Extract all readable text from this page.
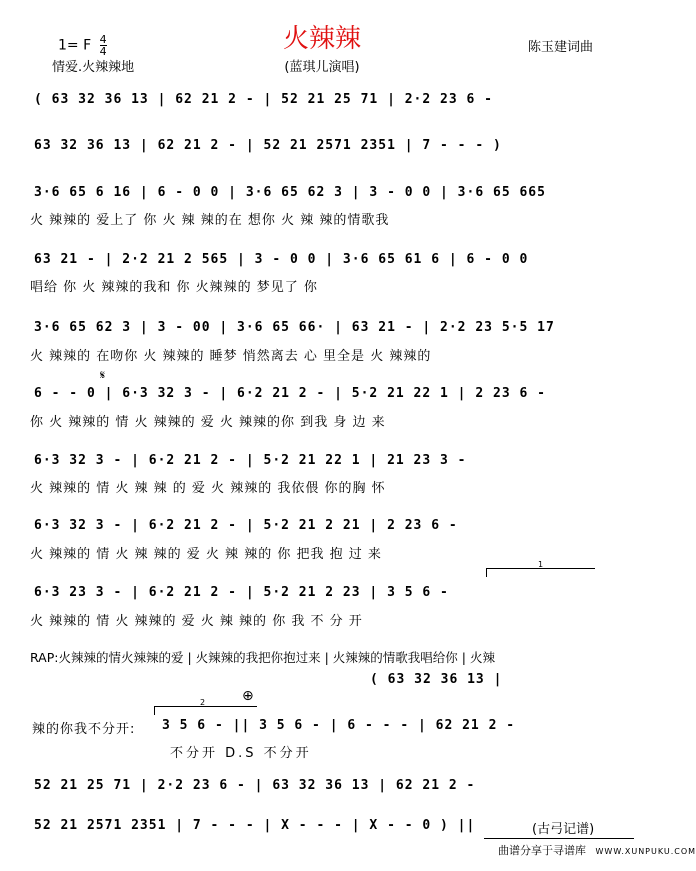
火辣辣
1= F $\frac{4}{4}$
情爱.火辣辣地	(蓝琪儿演唱)
陈玉建词曲
( 63 32 36 13 | 62 21 2 - | 52 21 25 71 | 2·2 23 6 -
63 32 36 13 | 62 21 2 - | 52 21 2571 2351 | 7 - - - )
3·6 65 6 16 | 6 - 0 0 | 3·6 65 62 3 | 3 - 0 0 | 3·6 65 665
火 辣辣的 爱上了 你 火 辣 辣的在 想你 火 辣 辣的情歌我
63 21 - | 2·2 21 2 565 | 3 - 0 0 | 3·6 65 61 6 | 6 - 0 0
唱给 你 火 辣辣的我和 你 火辣辣的 梦见了 你
3·6 65 62 3 | 3 - 00 | 3·6 65 66· | 63 21 - | 2·2 23 5·5 17
火 辣辣的 在吻你 火 辣辣的 睡梦 悄然离去 心 里全是 火 辣辣的
6 - - 0 | 6·3 32 3 - | 6·2 21 2 - | 5·2 21 22 1 | 2 23 6 -
你 火 辣辣的 情 火 辣辣的 爱 火 辣辣的你 到我 身 边 来
6·3 32 3 - | 6·2 21 2 - | 5·2 21 22 1 | 21 23 3 -
火 辣辣的 情 火 辣 辣 的 爱 火 辣辣的 我依偎 你的胸 怀
6·3 32 3 - | 6·2 21 2 - | 5·2 21 2 21 | 2 23 6 -
火 辣辣的 情 火 辣 辣的 爱 火 辣 辣的 你 把我 抱 过 来
6·3 23 3 - | 6·2 21 2 - | 5·2 21 2 23 | 3 5 6 -
火 辣辣的 情 火 辣辣的 爱 火 辣 辣的 你 我 不 分 开
( 63 32 36 13 |
3 5 6 - || 3 5 6 - | 6 - - - | 62 21 2 -
辣的你我不分开:
52 21 25 71 | 2·2 23 6 - | 63 32 36 13 | 62 21 2 -
52 21 2571 2351 | 7 - - - | X - - - | X - - 0 ) ||
𝄋
RAP:火辣辣的情火辣辣的爱 | 火辣辣的我把你抱过来 | 火辣辣的情歌我唱给你 | 火辣
⊕
1
2
不分开 D.S 不分开
(古弓记谱)
曲谱分享于寻谱库 WWW.XUNPUKU.COM
